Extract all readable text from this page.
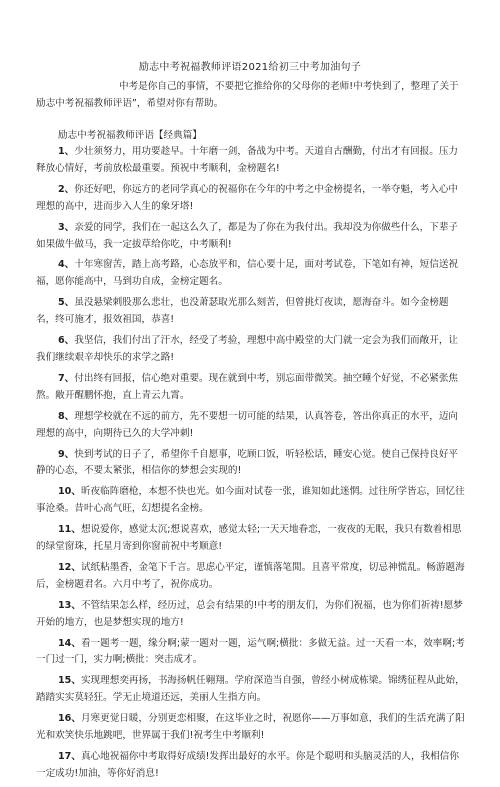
励志中考祝福教师评语2021给初三中考加油句子
中考是你自己的事情，不要把它推给你的父母你的老师!中考快到了，整理了关于励志中考祝福教师评语”，希望对你有帮助。
励志中考祝福教师评语【经典篇】
1、少壮须努力，用功要趁早。十年磨一剑，备战为中考。天道自古酬勤，付出才有回报。压力释放心情好，考前放松最重要。预祝中考顺利，金榜题名!
2、你还好吧，你远方的老同学真心的祝福你在今年的中考之中金榜提名，一举夺魁，考入心中理想的高中，进而步入人生的象牙塔!
3、亲爱的同学，我们在一起这么久了，都是为了你在为我付出。我却没为你做些什么，下辈子如果做牛做马，我一定拔草给你吃，中考顺利!
4、十年寒窗苦，踏上高考路，心态放平和，信心要十足，面对考试卷，下笔如有神，短信送祝福，愿你能高中，马到功自成，金榜定题名。
5、虽没悬梁刺股那么悲壮，也没萧瑟取光那么刻苦，但曾挑灯夜读，愿海奋斗。如今金榜题名，终可施才，报效祖国，恭喜!
6、我坚信，我们付出了汗水，经受了考验，理想中高中殿堂的大门就一定会为我们而敞开，让我们继续艰辛却快乐的求学之路!
7、付出终有回报，信心绝对重要。现在就到中考，别忘面带微笑。抽空睡个好觉，不必紧张焦熬。敞开醒鹏怀抱，直上青云九霄。
8、理想学校就在不远的前方，先不要想一切可能的结果，认真答卷，答出你真正的水平，迈向理想的高中，向期待已久的大学冲刺!
9、快到考试的日子了，希望你千自愿事，吃顾口饭，听轻松话，睡安心觉。使自己保持良好平静的心态，不要太紧张，相信你的梦想会实现的!
10、昕夜临阵磨枪，本想不快也光。如今面对试卷一张，谁知如此迷惘。过往所学皆忘，回忆往事沧桑。昔叶心高气旺，幻想提名金榜。
11、想说爱你，感觉太沉;想说喜欢，感觉太轻;一天天地眷恋，一夜夜的无眠，我只有数着相思的绿堂窗珠，托星月寄到你窗前祝中考顺意!
12、试纸粘墨香，金笔下千言。思虑心平定，谨慎落笔閒。且喜平常度，切忌神慌乱。畅游题海后，金榜题君名。六月中考了，祝你成功。
13、不管结果怎么样，经历过，总会有结果的!中考的朋友们，为你们祝福，也为你们祈祷!愿梦开始的地方，也是梦想实现的地方!
14、看一题考一题，缘分啊;蒙一题对一题，运气啊;横批：多做无益。过一天看一本，效率啊;考一门过一门，实力啊;横批：突击成才。
15、实现理想奕再扬，书海扬帆任翱翔。学府深造当自强，曾经小树成栋梁。锦绣征程从此始，踏踏实实莫轻狂。学无止境道还远，美丽人生指方向。
16、月寒更觉日暖，分别更恋相聚，在这毕业之时，祝愿你——万事如意，我们的生活充满了阳光和欢笑快乐地跳吧，世界属于我们!祝考生中考顺利!
17、真心地祝福你中考取得好成绩!发挥出最好的水平。你是个聪明和头脑灵活的人，我相信你一定成功!加油，等你好消息!
